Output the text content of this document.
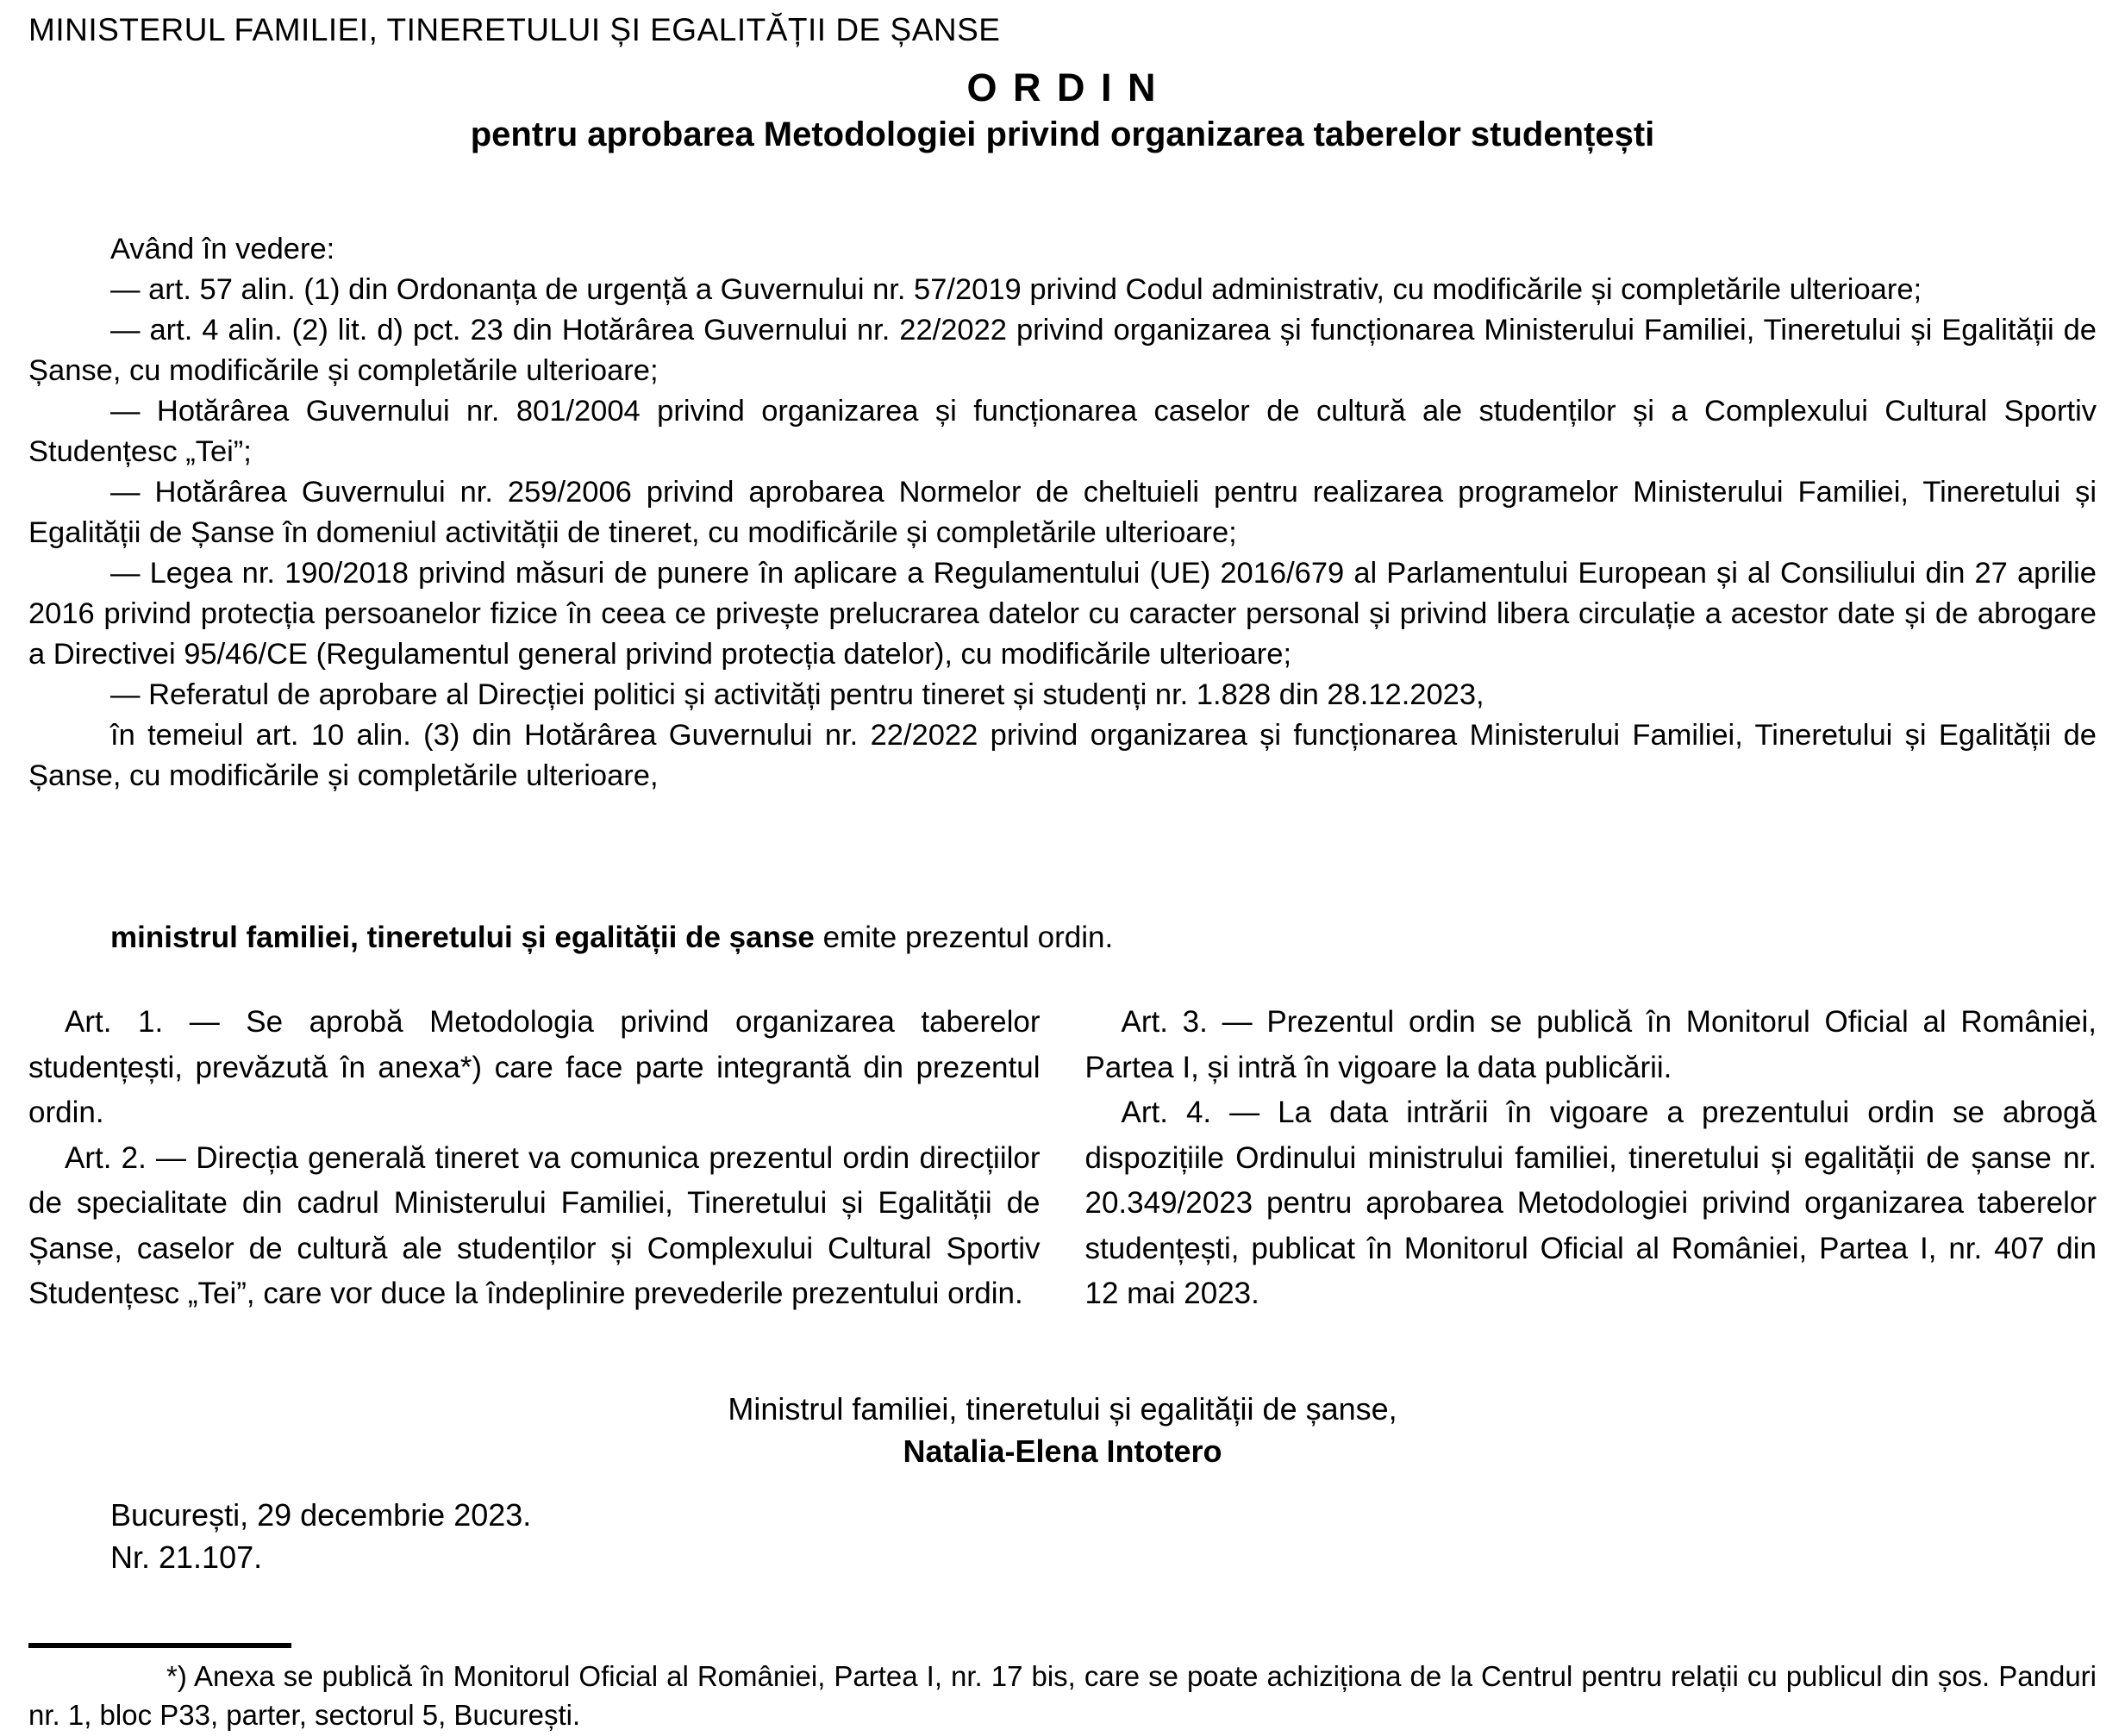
MINISTERUL FAMILIEI, TINERETULUI ȘI EGALITĂȚII DE ȘANSE
O R D I N
pentru aprobarea Metodologiei privind organizarea taberelor studențești

Având în vedere:

— art. 57 alin. (1) din Ordonanța de urgență a Guvernului nr. 57/2019 privind Codul administrativ, cu modificările și completările ulterioare;

— art. 4 alin. (2) lit. d) pct. 23 din Hotărârea Guvernului nr. 22/2022 privind organizarea și funcționarea Ministerului Familiei, Tineretului și Egalității de Șanse, cu modificările și completările ulterioare;

— Hotărârea Guvernului nr. 801/2004 privind organizarea și funcționarea caselor de cultură ale studenților și a Complexului Cultural Sportiv Studențesc „Tei”;

— Hotărârea Guvernului nr. 259/2006 privind aprobarea Normelor de cheltuieli pentru realizarea programelor Ministerului Familiei, Tineretului și Egalității de Șanse în domeniul activității de tineret, cu modificările și completările ulterioare;

— Legea nr. 190/2018 privind măsuri de punere în aplicare a Regulamentului (UE) 2016/679 al Parlamentului European și al Consiliului din 27 aprilie 2016 privind protecția persoanelor fizice în ceea ce privește prelucrarea datelor cu caracter personal și privind libera circulație a acestor date și de abrogare a Directivei 95/46/CE (Regulamentul general privind protecția datelor), cu modificările ulterioare;

— Referatul de aprobare al Direcției politici și activități pentru tineret și studenți nr. 1.828 din 28.12.2023,

în temeiul art. 10 alin. (3) din Hotărârea Guvernului nr. 22/2022 privind organizarea și funcționarea Ministerului Familiei, Tineretului și Egalității de Șanse, cu modificările și completările ulterioare,

ministrul familiei, tineretului și egalității de șanse emite prezentul ordin.

Art. 1. — Se aprobă Metodologia privind organizarea taberelor studențești, prevăzută în anexa*) care face parte integrantă din prezentul ordin.

Art. 2. — Direcția generală tineret va comunica prezentul ordin direcțiilor de specialitate din cadrul Ministerului Familiei, Tineretului și Egalității de Șanse, caselor de cultură ale studenților și Complexului Cultural Sportiv Studențesc „Tei”, care vor duce la îndeplinire prevederile prezentului ordin.

Art. 3. — Prezentul ordin se publică în Monitorul Oficial al României, Partea I, și intră în vigoare la data publicării.

Art. 4. — La data intrării în vigoare a prezentului ordin se abrogă dispozițiile Ordinului ministrului familiei, tineretului și egalității de șanse nr. 20.349/2023 pentru aprobarea Metodologiei privind organizarea taberelor studențești, publicat în Monitorul Oficial al României, Partea I, nr. 407 din 12 mai 2023.

Ministrul familiei, tineretului și egalității de șanse,
Natalia-Elena Intotero

București, 29 decembrie 2023.

Nr. 21.107.

*) Anexa se publică în Monitorul Oficial al României, Partea I, nr. 17 bis, care se poate achiziționa de la Centrul pentru relații cu publicul din șos. Panduri nr. 1, bloc P33, parter, sectorul 5, București.
